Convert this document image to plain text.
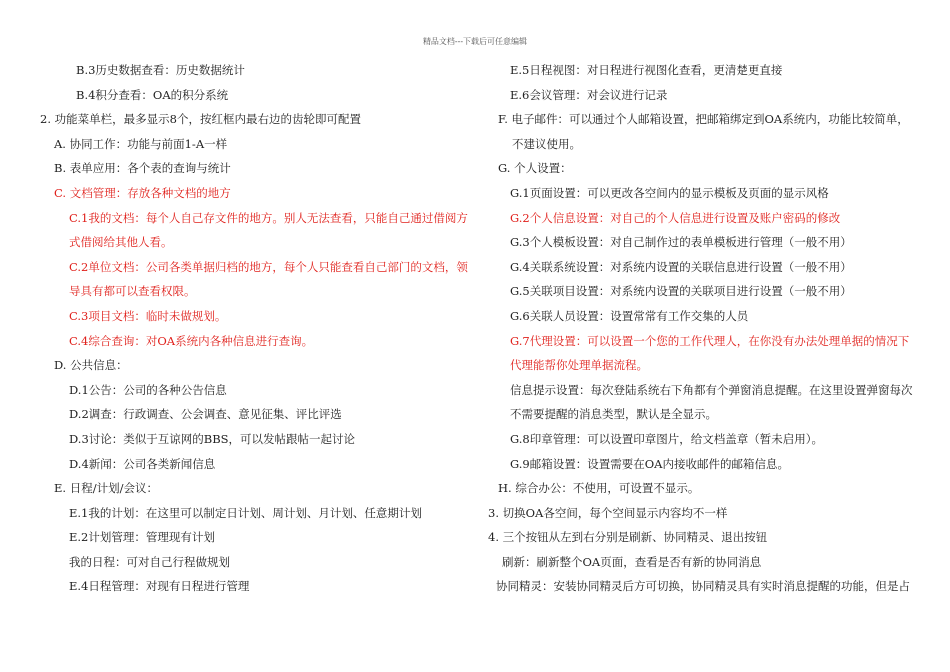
精品文档---下载后可任意编辑
B.3历史数据查看：历史数据统计
B.4积分查看：OA的积分系统
2. 功能菜单栏，最多显示8个，按红框内最右边的齿轮即可配置
A. 协同工作：功能与前面1-A一样
B. 表单应用：各个表的查询与统计
C. 文档管理：存放各种文档的地方
C.1我的文档：每个人自己存文件的地方。别人无法查看，只能自己通过借阅方
式借阅给其他人看。
C.2单位文档：公司各类单据归档的地方，每个人只能查看自己部门的文档，领
导具有都可以查看权限。
C.3项目文档：临时未做规划。
C.4综合查询：对OA系统内各种信息进行查询。
D. 公共信息：
D.1公告：公司的各种公告信息
D.2调查：行政调查、公会调查、意见征集、评比评选
D.3讨论：类似于互谅网的BBS，可以发帖跟帖一起讨论
D.4新闻：公司各类新闻信息
E. 日程/计划/会议：
E.1我的计划：在这里可以制定日计划、周计划、月计划、任意期计划
E.2计划管理：管理现有计划
我的日程：可对自己行程做规划
E.4日程管理：对现有日程进行管理
E.5日程视图：对日程进行视图化查看，更清楚更直接
E.6会议管理：对会议进行记录
F. 电子邮件：可以通过个人邮箱设置，把邮箱绑定到OA系统内，功能比较简单，
不建议使用。
G. 个人设置：
G.1页面设置：可以更改各空间内的显示模板及页面的显示风格
G.2个人信息设置：对自己的个人信息进行设置及账户密码的修改
G.3个人模板设置：对自己制作过的表单模板进行管理（一般不用）
G.4关联系统设置：对系统内设置的关联信息进行设置（一般不用）
G.5关联项目设置：对系统内设置的关联项目进行设置（一般不用）
G.6关联人员设置：设置常常有工作交集的人员
G.7代理设置：可以设置一个您的工作代理人，在你没有办法处理单据的情况下
代理能帮你处理单据流程。
信息提示设置：每次登陆系统右下角都有个弹窗消息提醒。在这里设置弹窗每次
不需要提醒的消息类型，默认是全显示。
G.8印章管理：可以设置印章图片，给文档盖章（暂未启用）。
G.9邮箱设置：设置需要在OA内接收邮件的邮箱信息。
H. 综合办公：不使用，可设置不显示。
3. 切换OA各空间，每个空间显示内容均不一样
4. 三个按钮从左到右分别是刷新、协同精灵、退出按钮
刷新：刷新整个OA页面，查看是否有新的协同消息
协同精灵：安装协同精灵后方可切换，协同精灵具有实时消息提醒的功能，但是占
